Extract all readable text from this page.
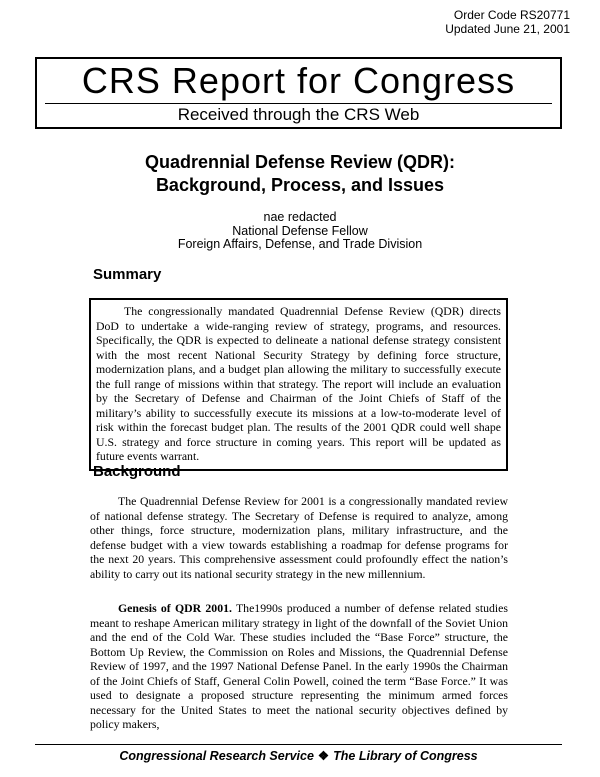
Order Code RS20771
Updated June 21, 2001
CRS Report for Congress
Received through the CRS Web
Quadrennial Defense Review (QDR):
Background, Process, and Issues
nae redacted
National Defense Fellow
Foreign Affairs, Defense, and Trade Division
Summary
The congressionally mandated Quadrennial Defense Review (QDR) directs DoD to undertake a wide-ranging review of strategy, programs, and resources. Specifically, the QDR is expected to delineate a national defense strategy consistent with the most recent National Security Strategy by defining force structure, modernization plans, and a budget plan allowing the military to successfully execute the full range of missions within that strategy. The report will include an evaluation by the Secretary of Defense and Chairman of the Joint Chiefs of Staff of the military’s ability to successfully execute its missions at a low-to-moderate level of risk within the forecast budget plan. The results of the 2001 QDR could well shape U.S. strategy and force structure in coming years. This report will be updated as future events warrant.
Background
The Quadrennial Defense Review for 2001 is a congressionally mandated review of national defense strategy. The Secretary of Defense is required to analyze, among other things, force structure, modernization plans, military infrastructure, and the defense budget with a view towards establishing a roadmap for defense programs for the next 20 years. This comprehensive assessment could profoundly effect the nation’s ability to carry out its national security strategy in the new millennium.
Genesis of QDR 2001. The1990s produced a number of defense related studies meant to reshape American military strategy in light of the downfall of the Soviet Union and the end of the Cold War. These studies included the “Base Force” structure, the Bottom Up Review, the Commission on Roles and Missions, the Quadrennial Defense Review of 1997, and the 1997 National Defense Panel. In the early 1990s the Chairman of the Joint Chiefs of Staff, General Colin Powell, coined the term “Base Force.” It was used to designate a proposed structure representing the minimum armed forces necessary for the United States to meet the national security objectives defined by policy makers,
Congressional Research Service ❖ The Library of Congress
